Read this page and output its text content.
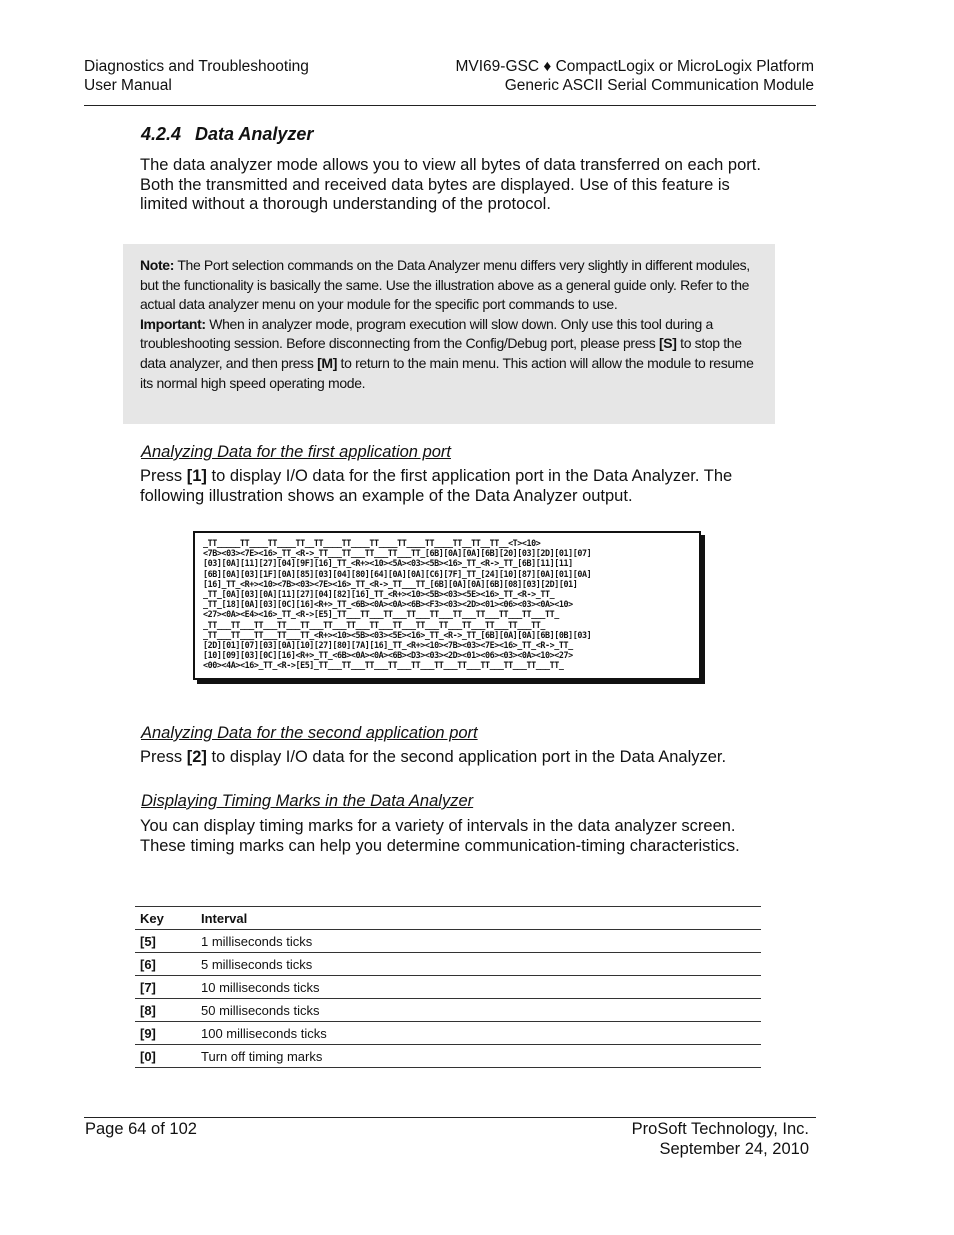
Diagnostics and Troubleshooting
User Manual
MVI69-GSC ♦ CompactLogix or MicroLogix Platform
Generic ASCII Serial Communication Module
4.2.4 Data Analyzer
The data analyzer mode allows you to view all bytes of data transferred on each port. Both the transmitted and received data bytes are displayed. Use of this feature is limited without a thorough understanding of the protocol.
Note: The Port selection commands on the Data Analyzer menu differs very slightly in different modules, but the functionality is basically the same. Use the illustration above as a general guide only. Refer to the actual data analyzer menu on your module for the specific port commands to use.
Important: When in analyzer mode, program execution will slow down. Only use this tool during a troubleshooting session. Before disconnecting from the Config/Debug port, please press [S] to stop the data analyzer, and then press [M] to return to the main menu. This action will allow the module to resume its normal high speed operating mode.
Analyzing Data for the first application port
Press [1] to display I/O data for the first application port in the Data Analyzer. The following illustration shows an example of the Data Analyzer output.
_TT_____TT____TT____TT__TT____TT____TT____TT____TT____TT__TT__TT__<T><10>
<7B><03><7E><16>_TT_<R->_TT___TT___TT___TT___TT_[6B][0A][0A][6B][20][03][2D][01][07]
[03][0A][11][27][04][9F][16]_TT_<R+><10><5A><03><5B><16>_TT_<R->_TT_[6B][11][11]
[6B][0A][03][1F][0A][85][03][04][80][64][0A][0A][C6][7F]_TT_[24][10][87][0A][01][0A]
[16]_TT_<R+><10><7B><03><7E><16>_TT_<R->_TT___TT_[6B][0A][0A][6B][08][03][2D][01]
_TT_[0A][03][0A][11][27][04][82][16]_TT_<R+><10><5B><03><5E><16>_TT_<R->_TT_
_TT_[18][0A][03][0C][16]<R+>_TT_<6B><0A><0A><6B><F3><03><2D><01><06><03><0A><10>
<27><0A><E4><16>_TT_<R->[E5]_TT___TT___TT___TT___TT___TT___TT___TT___TT___TT_
_TT___TT___TT___TT___TT___TT___TT___TT___TT___TT___TT___TT___TT___TT___TT_
_TT___TT___TT___TT___TT_<R+><10><5B><03><5E><16>_TT_<R->_TT_[6B][0A][0A][6B][0B][03]
[2D][01][07][03][0A][10][27][80][7A][16]_TT_<R+><10><7B><03><7E><16>_TT_<R->_TT_
[10][09][03][0C][16]<R+>_TT_<6B><0A><0A><6B><D3><03><2D><01><06><03><0A><10><27>
<00><4A><16>_TT_<R->[E5]_TT___TT___TT___TT___TT___TT___TT___TT___TT___TT___TT_
Analyzing Data for the second application port
Press [2] to display I/O data for the second application port in the Data Analyzer.
Displaying Timing Marks in the Data Analyzer
You can display timing marks for a variety of intervals in the data analyzer screen. These timing marks can help you determine communication-timing characteristics.
Key	Interval
[5]	1 milliseconds ticks
[6]	5 milliseconds ticks
[7]	10 milliseconds ticks
[8]	50 milliseconds ticks
[9]	100 milliseconds ticks
[0]	Turn off timing marks
Page 64 of 102	ProSoft Technology, Inc.
September 24, 2010
